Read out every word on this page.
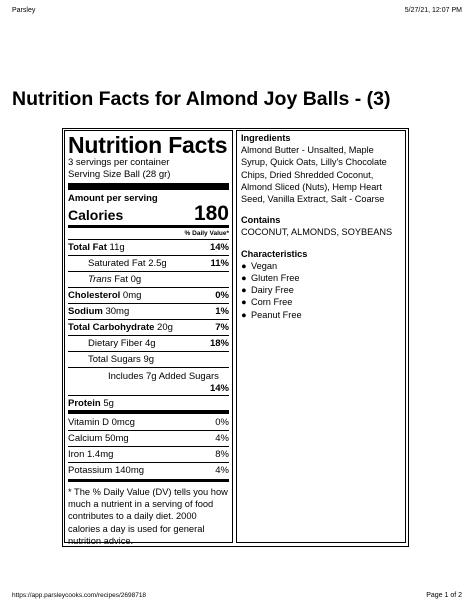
Parsley	5/27/21, 12:07 PM
Nutrition Facts for Almond Joy Balls - (3)
Nutrition Facts
3 servings per container
Serving Size Ball (28 gr)
Amount per serving
Calories	180
% Daily Value*
Total Fat 11g	14%
Saturated Fat 2.5g	11%
Trans Fat 0g
Cholesterol 0mg	0%
Sodium 30mg	1%
Total Carbohydrate 20g	7%
Dietary Fiber 4g	18%
Total Sugars 9g
Includes 7g Added Sugars
14%
Protein 5g
Vitamin D 0mcg	0%
Calcium 50mg	4%
Iron 1.4mg	8%
Potassium 140mg	4%
* The % Daily Value (DV) tells you how much a nutrient in a serving of food contributes to a daily diet. 2000 calories a day is used for general nutrition advice.
Ingredients
Almond Butter - Unsalted, Maple Syrup, Quick Oats, Lilly's Chocolate Chips, Dried Shredded Coconut, Almond Sliced (Nuts), Hemp Heart Seed, Vanilla Extract, Salt - Coarse
Contains
COCONUT, ALMONDS, SOYBEANS
Characteristics
● Vegan
● Gluten Free
● Dairy Free
● Corn Free
● Peanut Free
https://app.parsleycooks.com/recipes/2698718	Page 1 of 2
